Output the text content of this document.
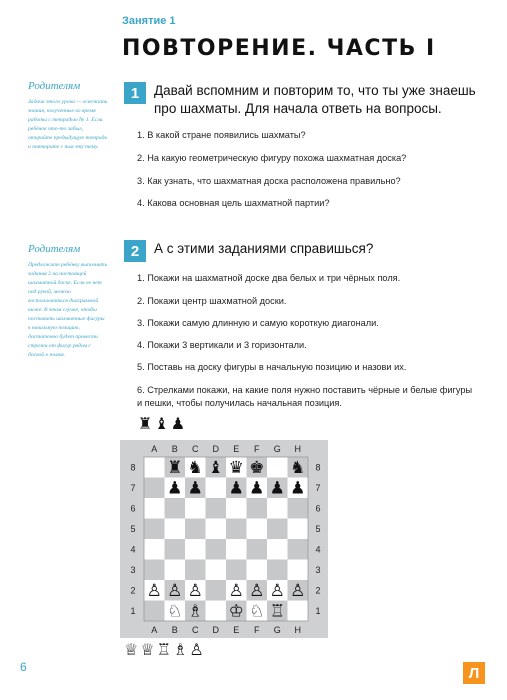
Занятие 1
ПОВТОРЕНИЕ. ЧАСТЬ I
Родителям
Задача этого урока — освежить знания, полученные во время работы с тетрадью № 1. Если ребёнок что-то забыл, откройте предыдущую тетрадь и повторите с ним эту тему.
1	Давай вспомним и повторим то, что ты уже знаешь про шахматы. Для начала ответь на вопросы.
1. В какой стране появились шахматы?
2. На какую геометрическую фигуру похожа шахматная доска?
3. Как узнать, что шахматная доска расположена правильно?
4. Какова основная цель шахматной партии?
Родителям
Предложите ребёнку выполнить задания 2 на настоящей шахматной доске. Если ее нет под рукой, можно воспользоваться диаграммой ниже. В этом случае, чтобы поставить шахматные фигуры в начальную позицию, достаточно будет провести стрелки от фигур рядом с доской к полям.
2	А с этими заданиями справишься?
1. Покажи на шахматной доске два белых и три чёрных поля.
2. Покажи центр шахматной доски.
3. Покажи самую длинную и самую короткую диагонали.
4. Покажи 3 вертикали и 3 горизонтали.
5. Поставь на доску фигуры в начальную позицию и назови их.
6. Стрелками покажи, на какие поля нужно поставить чёрные и белые фигуры и пешки, чтобы получилась начальная позиция.
♜♝♟
♜ ♞ ♝ ♛ ♚ ♞
♟ ♟ ♟ ♟ ♟ ♟
♙ ♙ ♙ ♙ ♙ ♙ ♙
♘ ♗ ♔ ♘ ♖
A
A
B
B
C
C
D
D
E
E
F
F
G
G
H
H
8	8
7	7
6	6
5	5
4	4
3	3
2	2
1	1
♕♕♖♗♙
6	Л
